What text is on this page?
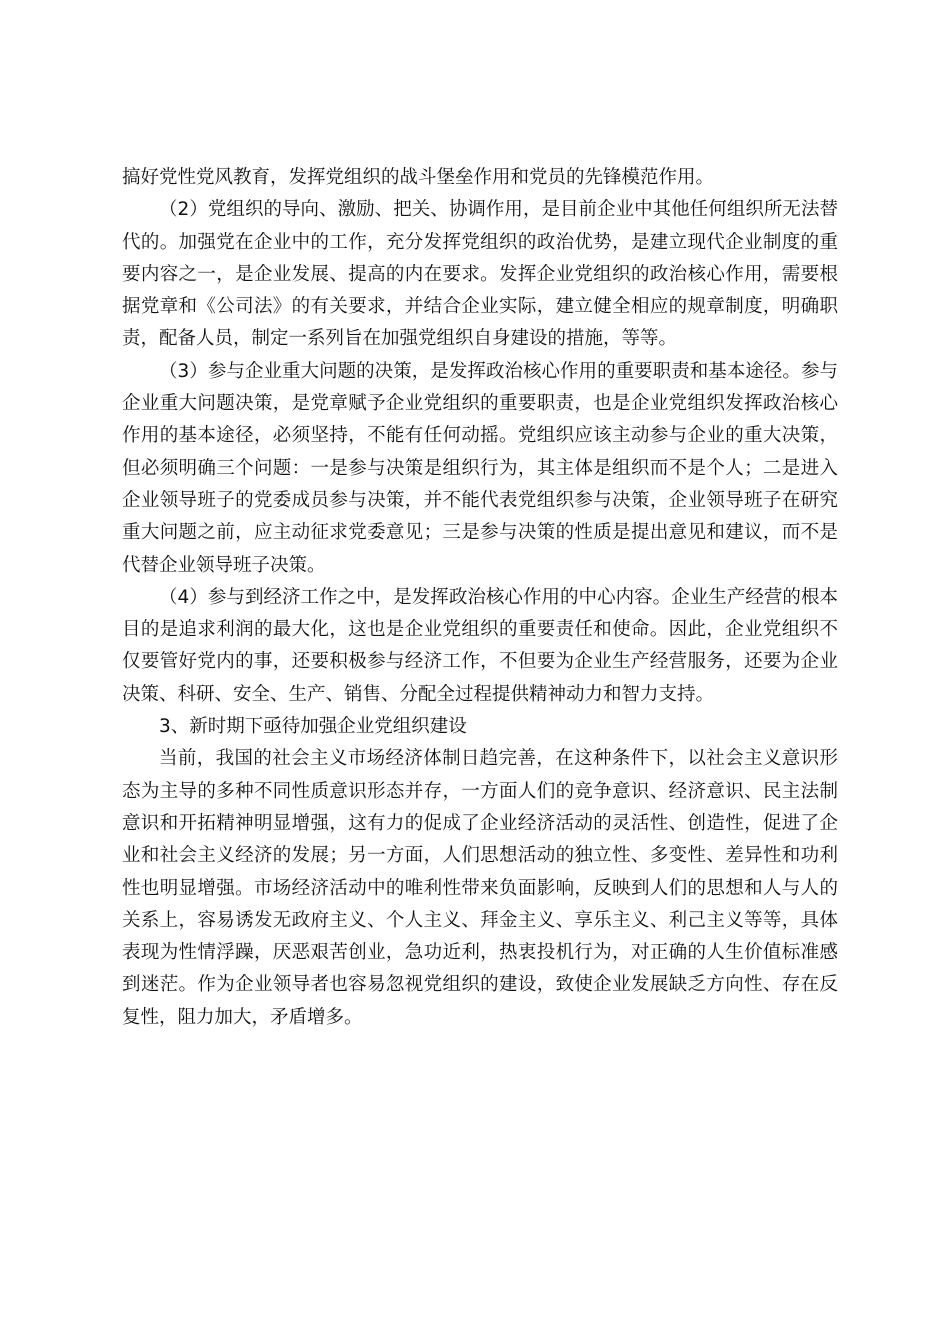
搞好党性党风教育，发挥党组织的战斗堡垒作用和党员的先锋模范作用。

（2）党组织的导向、激励、把关、协调作用，是目前企业中其他任何组织所无法替代的。加强党在企业中的工作，充分发挥党组织的政治优势，是建立现代企业制度的重要内容之一，是企业发展、提高的内在要求。发挥企业党组织的政治核心作用，需要根据党章和《公司法》的有关要求，并结合企业实际，建立健全相应的规章制度，明确职责，配备人员，制定一系列旨在加强党组织自身建设的措施，等等。

（3）参与企业重大问题的决策，是发挥政治核心作用的重要职责和基本途径。参与企业重大问题决策，是党章赋予企业党组织的重要职责，也是企业党组织发挥政治核心作用的基本途径，必须坚持，不能有任何动摇。党组织应该主动参与企业的重大决策，但必须明确三个问题：一是参与决策是组织行为，其主体是组织而不是个人；二是进入企业领导班子的党委成员参与决策，并不能代表党组织参与决策，企业领导班子在研究重大问题之前，应主动征求党委意见；三是参与决策的性质是提出意见和建议，而不是代替企业领导班子决策。

（4）参与到经济工作之中，是发挥政治核心作用的中心内容。企业生产经营的根本目的是追求利润的最大化，这也是企业党组织的重要责任和使命。因此，企业党组织不仅要管好党内的事，还要积极参与经济工作，不但要为企业生产经营服务，还要为企业决策、科研、安全、生产、销售、分配全过程提供精神动力和智力支持。

3、新时期下亟待加强企业党组织建设

当前，我国的社会主义市场经济体制日趋完善，在这种条件下，以社会主义意识形态为主导的多种不同性质意识形态并存，一方面人们的竞争意识、经济意识、民主法制意识和开拓精神明显增强，这有力的促成了企业经济活动的灵活性、创造性，促进了企业和社会主义经济的发展；另一方面，人们思想活动的独立性、多变性、差异性和功利性也明显增强。市场经济活动中的唯利性带来负面影响，反映到人们的思想和人与人的关系上，容易诱发无政府主义、个人主义、拜金主义、享乐主义、利己主义等等，具体表现为性情浮躁，厌恶艰苦创业，急功近利，热衷投机行为，对正确的人生价值标准感到迷茫。作为企业领导者也容易忽视党组织的建设，致使企业发展缺乏方向性、存在反复性，阻力加大，矛盾增多。
